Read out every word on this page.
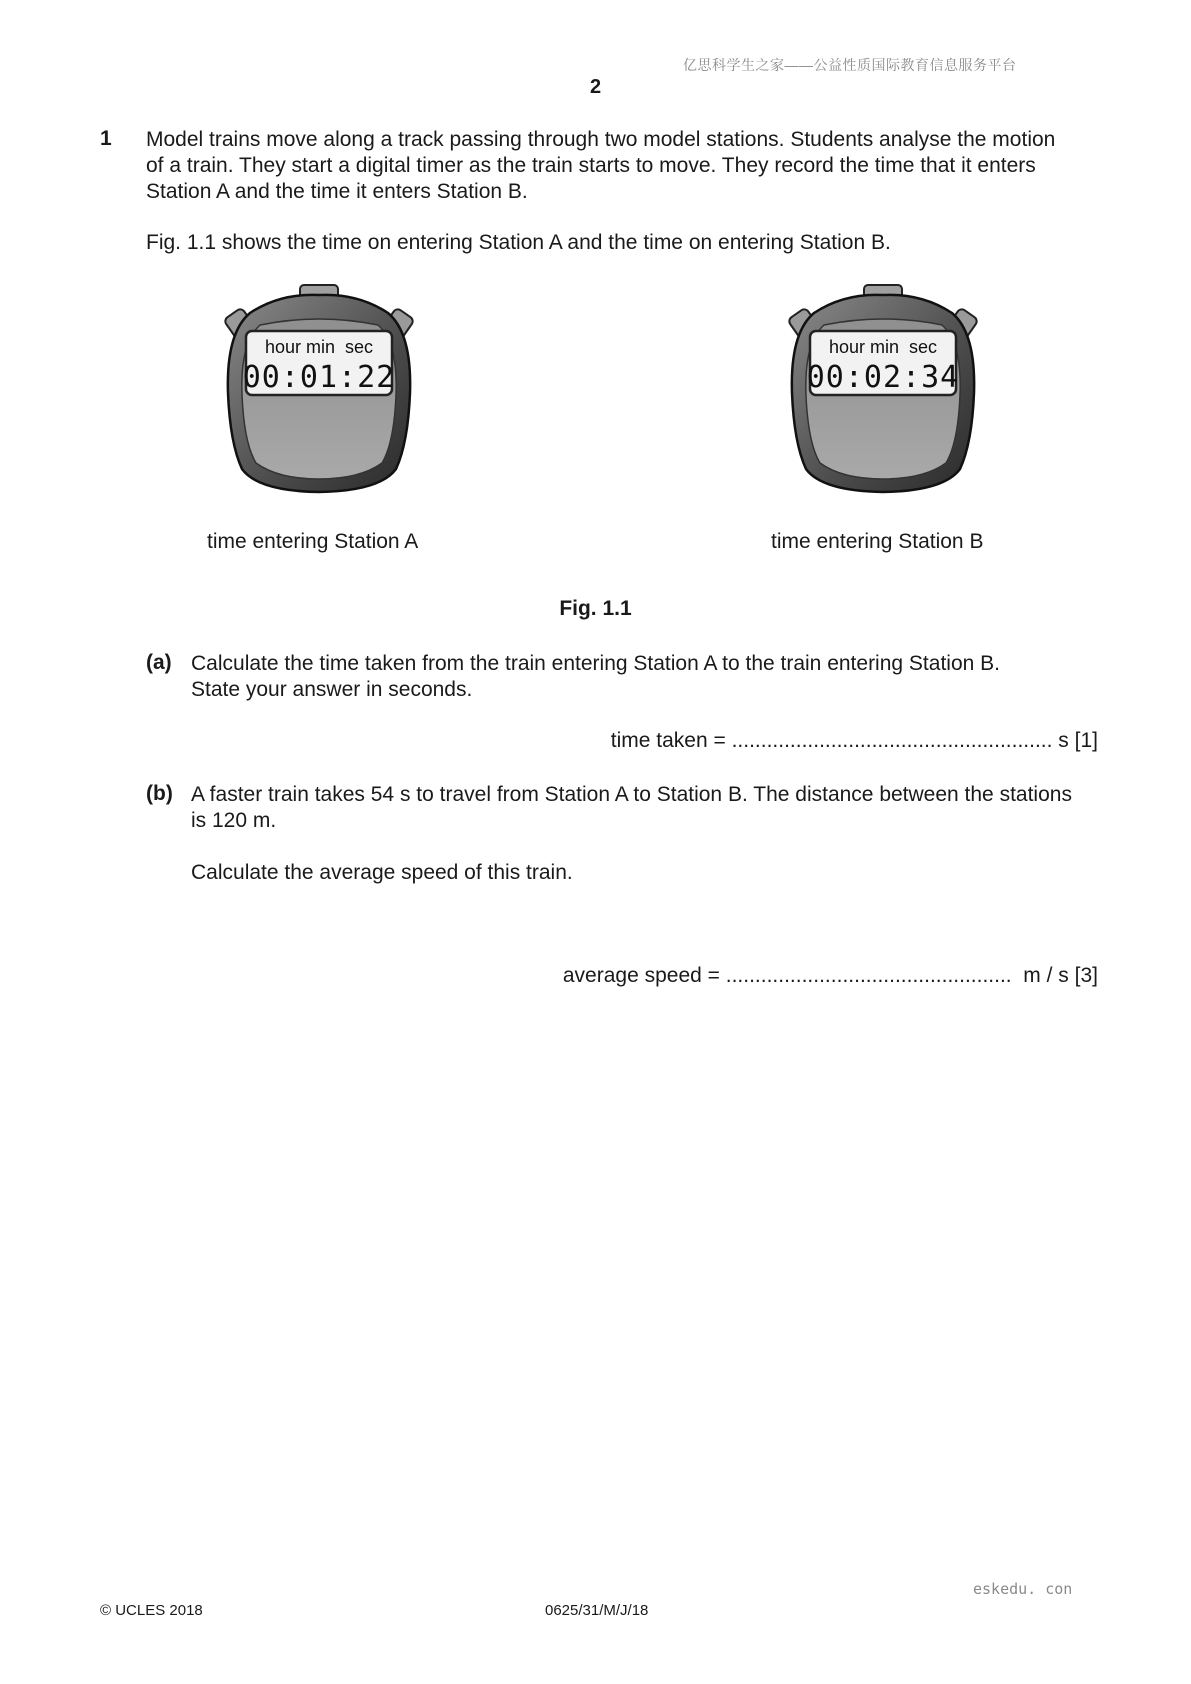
亿思科学生之家——公益性质国际教育信息服务平台
2
1 Model trains move along a track passing through two model stations. Students analyse the motion
of a train. They start a digital timer as the train starts to move. They record the time that it enters
Station A and the time it enters Station B.
Fig. 1.1 shows the time on entering Station A and the time on entering Station B.
hour min  sec
00:01:22
hour min  sec
00:02:34
time entering Station A	time entering Station B
Fig. 1.1
(a) Calculate the time taken from the train entering Station A to the train entering Station B.
State your answer in seconds.
time taken = ....................................................... s [1]
(b) A faster train takes 54 s to travel from Station A to Station B. The distance between the stations
is 120 m.
Calculate the average speed of this train.
average speed = .................................................  m / s [3]
eskedu. con
© UCLES 2018	0625/31/M/J/18
